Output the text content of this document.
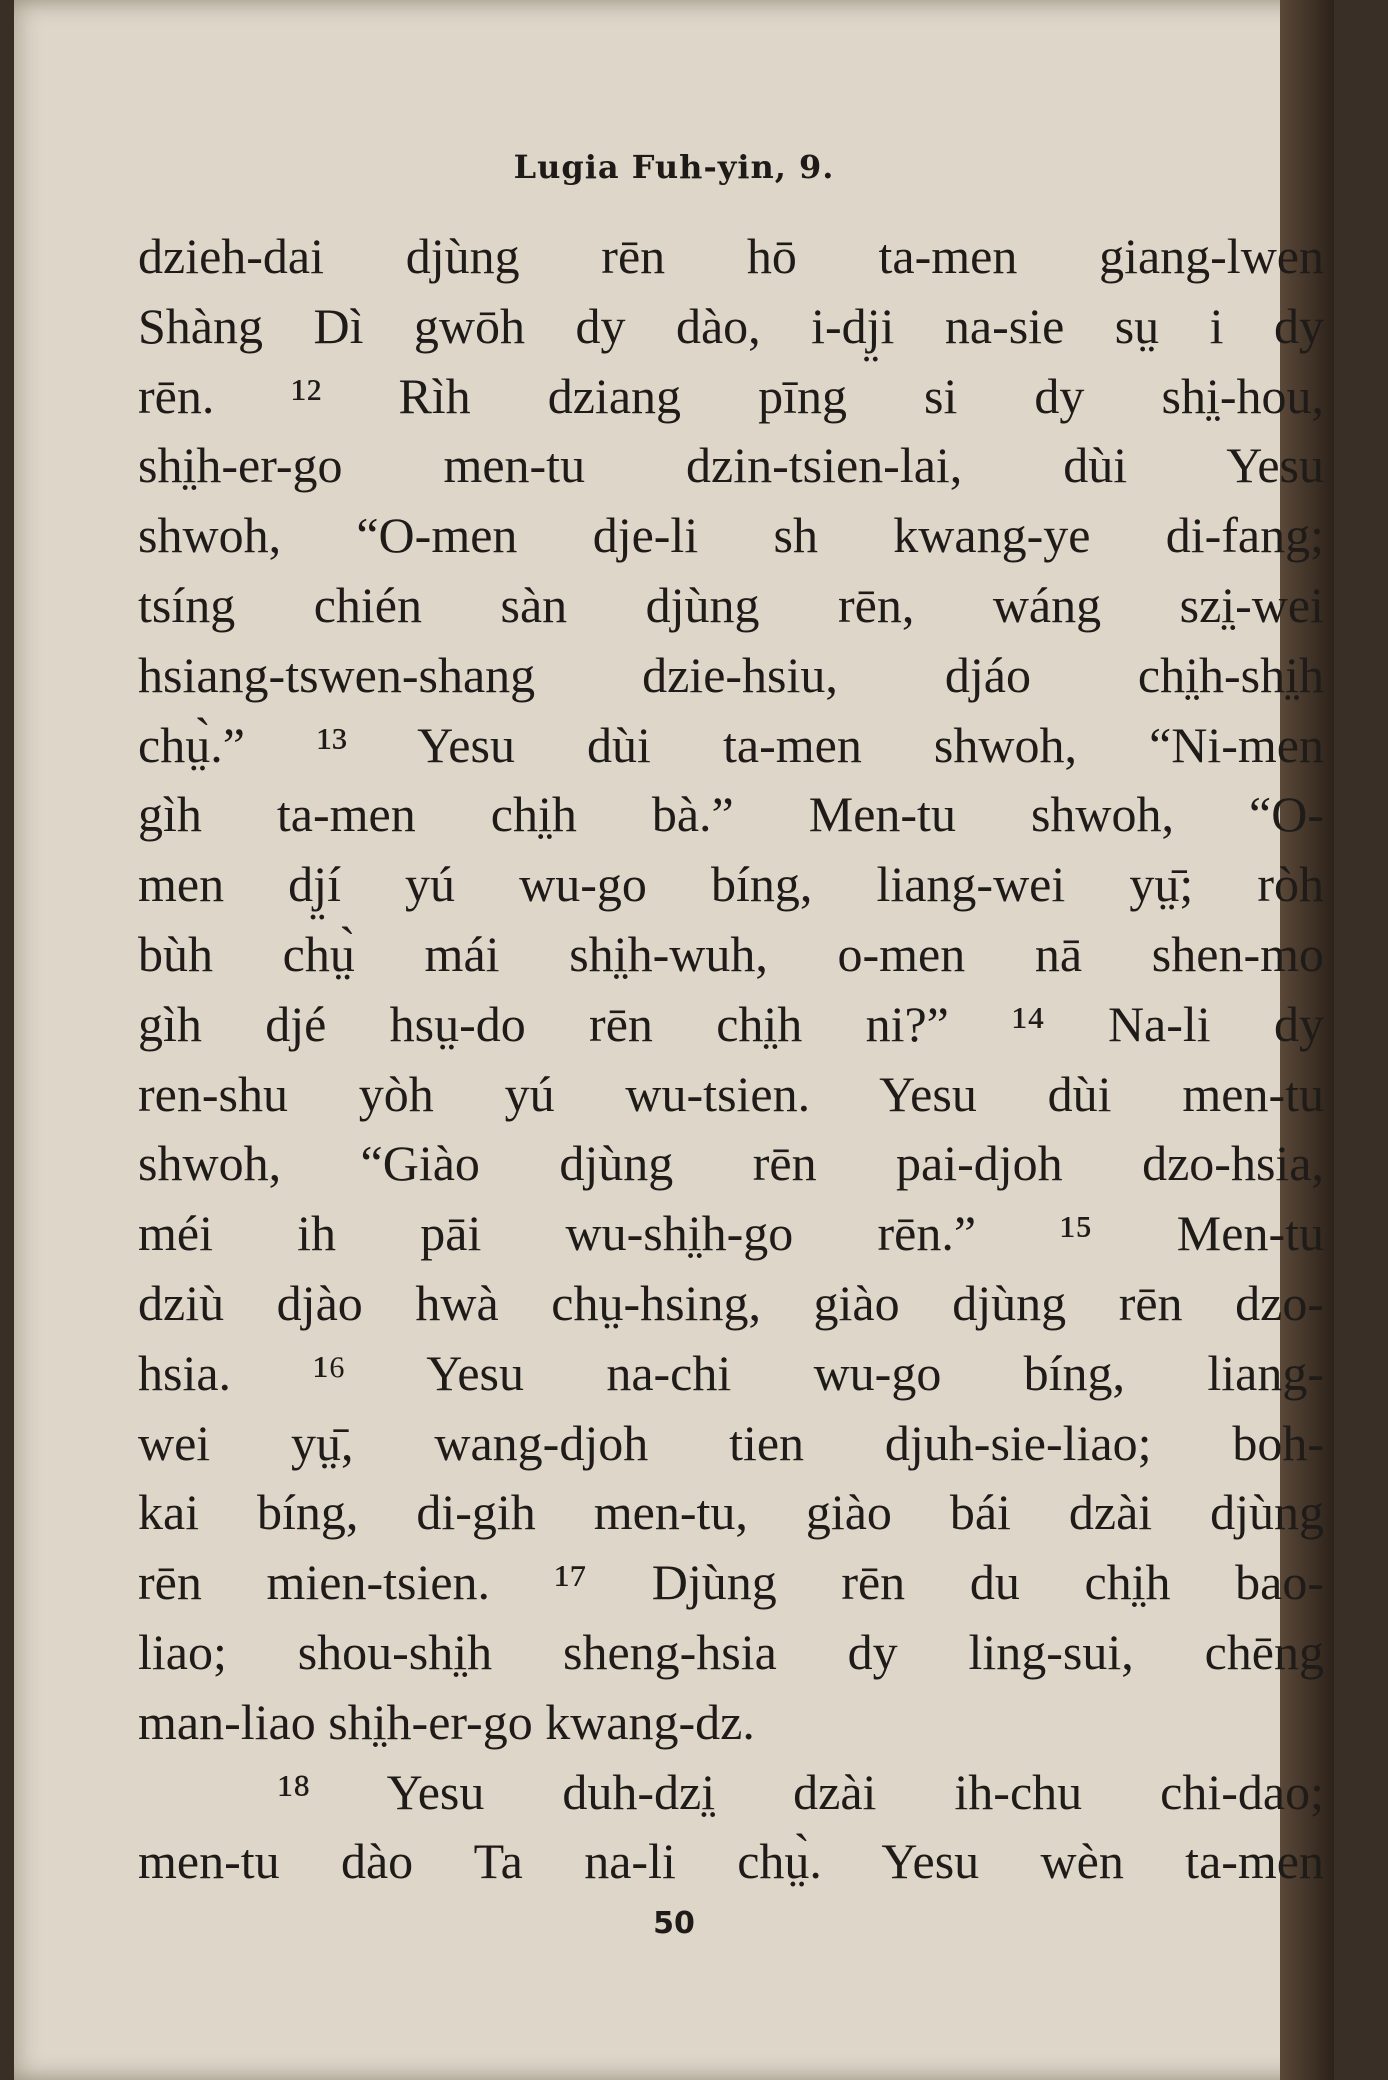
Lugia Fuh-yin, 9.
dzieh-dai djùng rēn hō ta-men giang-lwen
Shàng Dì gwōh dy dào, i-dj̤i na-sie sṳ i dy
rēn. ¹² Rìh dziang pīng si dy shi̤-hou,
shi̤h-er-go men-tu dzin-tsien-lai, dùi Yesu
shwoh, “O-men dje-li sh kwang-ye di-fang;
tsíng chién sàn djùng rēn, wáng szi̤-wei
hsiang-tswen-shang dzie-hsiu, djáo chi̤h-shi̤h
chṳ̀.” ¹³ Yesu dùi ta-men shwoh, “Ni-men
gìh ta-men chi̤h bà.” Men-tu shwoh, “O-
men dj̤í yú wu-go bíng, liang-wei yṳ̄; ròh
bùh chṳ̀ mái shi̤h-wuh, o-men nā shen-mo
gìh djé hsṳ-do rēn chi̤h ni?” ¹⁴ Na-li dy
ren-shu yòh yú wu-tsien. Yesu dùi men-tu
shwoh, “Giào djùng rēn pai-djoh dzo-hsia,
méi ih pāi wu-shi̤h-go rēn.” ¹⁵ Men-tu
dziù djào hwà chṳ-hsing, giào djùng rēn dzo-
hsia. ¹⁶ Yesu na-chi wu-go bíng, liang-
wei yṳ̄, wang-djoh tien djuh-sie-liao; boh-
kai bíng, di-gih men-tu, giào bái dzài djùng
rēn mien-tsien. ¹⁷ Djùng rēn du chi̤h bao-
liao; shou-shi̤h sheng-hsia dy ling-sui, chēng
man-liao shi̤h-er-go kwang-dz.
¹⁸ Yesu duh-dzi̤ dzài ih-chu chi-dao;
men-tu dào Ta na-li chṳ̀. Yesu wèn ta-men
50
